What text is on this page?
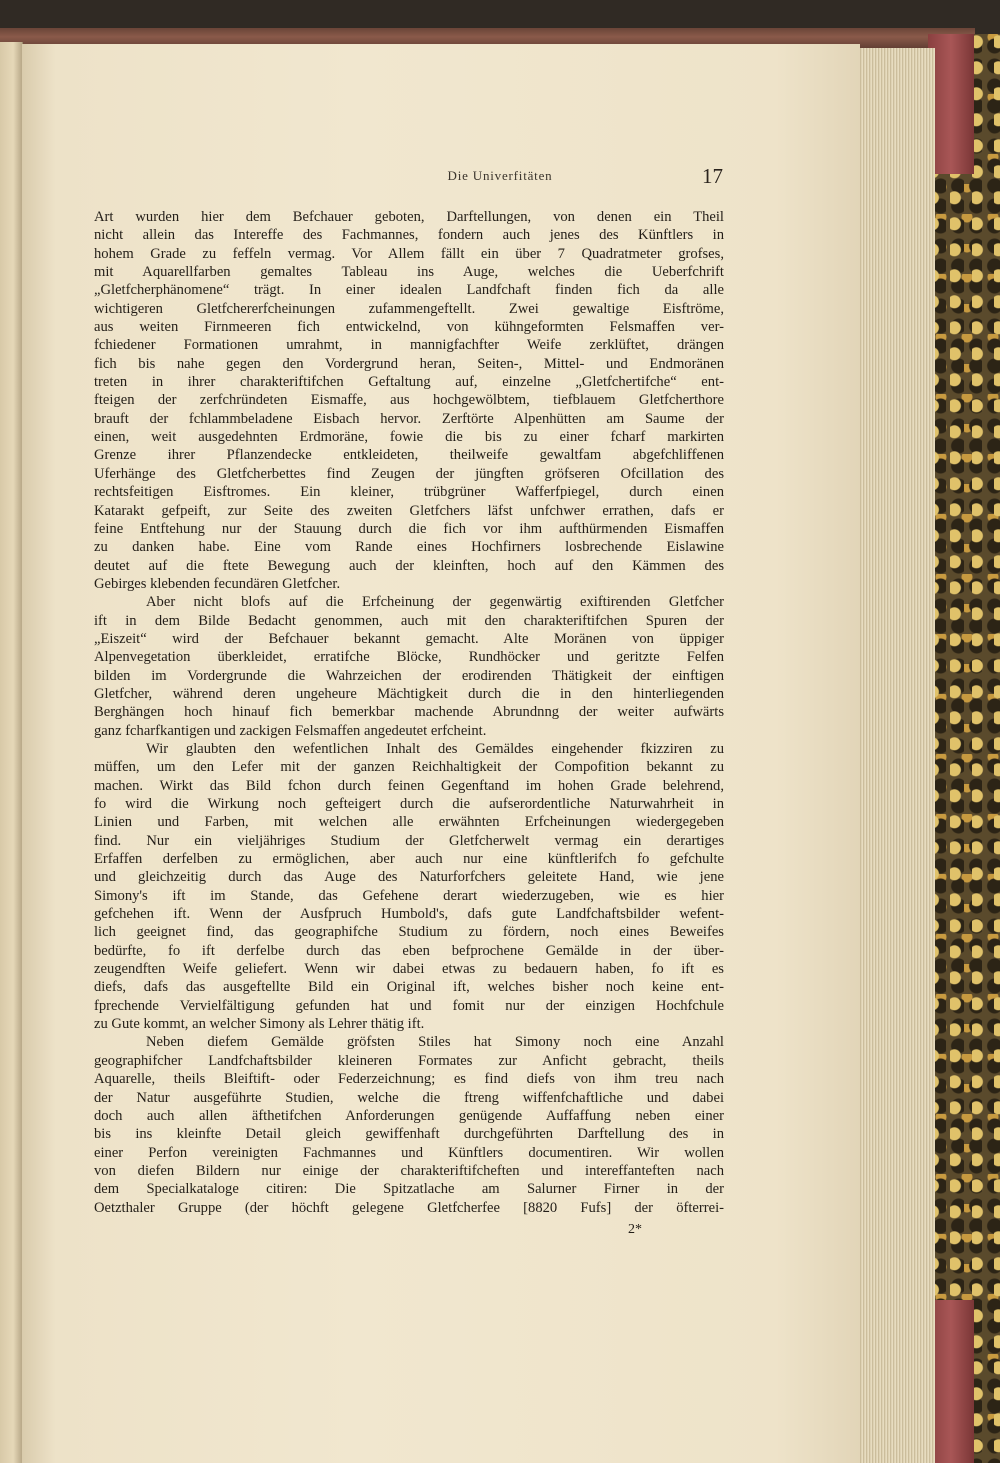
Die Univerfitäten	17
Art wurden hier dem Befchauer geboten, Darftellungen, von denen ein Theil
nicht allein das Intereffe des Fachmannes, fondern auch jenes des Künftlers in
hohem Grade zu feffeln vermag. Vor Allem fällt ein über 7 Quadratmeter grofses,
mit Aquarellfarben gemaltes Tableau ins Auge, welches die Ueberfchrift
„Gletfcherphänomene“ trägt. In einer idealen Landfchaft finden fich da alle
wichtigeren Gletfchererfcheinungen zufammengeftellt. Zwei gewaltige Eisftröme,
aus weiten Firnmeeren fich entwickelnd, von kühngeformten Felsmaffen ver-
fchiedener Formationen umrahmt, in mannigfachfter Weife zerklüftet, drängen
fich bis nahe gegen den Vordergrund heran, Seiten-, Mittel- und Endmoränen
treten in ihrer charakteriftifchen Geftaltung auf, einzelne „Gletfchertifche“ ent-
fteigen der zerfchründeten Eismaffe, aus hochgewölbtem, tiefblauem Gletfcherthore
brauft der fchlammbeladene Eisbach hervor. Zerftörte Alpenhütten am Saume der
einen, weit ausgedehnten Erdmoräne, fowie die bis zu einer fcharf markirten
Grenze ihrer Pflanzendecke entkleideten, theilweife gewaltfam abgefchliffenen
Uferhänge des Gletfcherbettes find Zeugen der jüngften gröfseren Ofcillation des
rechtsfeitigen Eisftromes. Ein kleiner, trübgrüner Wafferfpiegel, durch einen
Katarakt gefpeift, zur Seite des zweiten Gletfchers läfst unfchwer errathen, dafs er
feine Entftehung nur der Stauung durch die fich vor ihm aufthürmenden Eismaffen
zu danken habe. Eine vom Rande eines Hochfirners losbrechende Eislawine
deutet auf die ftete Bewegung auch der kleinften, hoch auf den Kämmen des
Gebirges klebenden fecundären Gletfcher.
Aber nicht blofs auf die Erfcheinung der gegenwärtig exiftirenden Gletfcher
ift in dem Bilde Bedacht genommen, auch mit den charakteriftifchen Spuren der
„Eiszeit“ wird der Befchauer bekannt gemacht. Alte Moränen von üppiger
Alpenvegetation überkleidet, erratifche Blöcke, Rundhöcker und geritzte Felfen
bilden im Vordergrunde die Wahrzeichen der erodirenden Thätigkeit der einftigen
Gletfcher, während deren ungeheure Mächtigkeit durch die in den hinterliegenden
Berghängen hoch hinauf fich bemerkbar machende Abrundnng der weiter aufwärts
ganz fcharfkantigen und zackigen Felsmaffen angedeutet erfcheint.
Wir glaubten den wefentlichen Inhalt des Gemäldes eingehender fkizziren zu
müffen, um den Lefer mit der ganzen Reichhaltigkeit der Compofition bekannt zu
machen. Wirkt das Bild fchon durch feinen Gegenftand im hohen Grade belehrend,
fo wird die Wirkung noch gefteigert durch die aufserordentliche Naturwahrheit in
Linien und Farben, mit welchen alle erwähnten Erfcheinungen wiedergegeben
find. Nur ein vieljähriges Studium der Gletfcherwelt vermag ein derartiges
Erfaffen derfelben zu ermöglichen, aber auch nur eine künftlerifch fo gefchulte
und gleichzeitig durch das Auge des Naturforfchers geleitete Hand, wie jene
Simony's ift im Stande, das Gefehene derart wiederzugeben, wie es hier
gefchehen ift. Wenn der Ausfpruch Humbold's, dafs gute Landfchaftsbilder wefent-
lich geeignet find, das geographifche Studium zu fördern, noch eines Beweifes
bedürfte, fo ift derfelbe durch das eben befprochene Gemälde in der über-
zeugendften Weife geliefert. Wenn wir dabei etwas zu bedauern haben, fo ift es
diefs, dafs das ausgeftellte Bild ein Original ift, welches bisher noch keine ent-
fprechende Vervielfältigung gefunden hat und fomit nur der einzigen Hochfchule
zu Gute kommt, an welcher Simony als Lehrer thätig ift.
Neben diefem Gemälde gröfsten Stiles hat Simony noch eine Anzahl
geographifcher Landfchaftsbilder kleineren Formates zur Anficht gebracht, theils
Aquarelle, theils Bleiftift- oder Federzeichnung; es find diefs von ihm treu nach
der Natur ausgeführte Studien, welche die ftreng wiffenfchaftliche und dabei
doch auch allen äfthetifchen Anforderungen genügende Auffaffung neben einer
bis ins kleinfte Detail gleich gewiffenhaft durchgeführten Darftellung des in
einer Perfon vereinigten Fachmannes und Künftlers documentiren. Wir wollen
von diefen Bildern nur einige der charakteriftifcheften und intereffanteften nach
dem Specialkataloge citiren: Die Spitzatlache am Salurner Firner in der
Oetzthaler Gruppe (der höchft gelegene Gletfcherfee [8820 Fufs] der öfterrei-
2*
